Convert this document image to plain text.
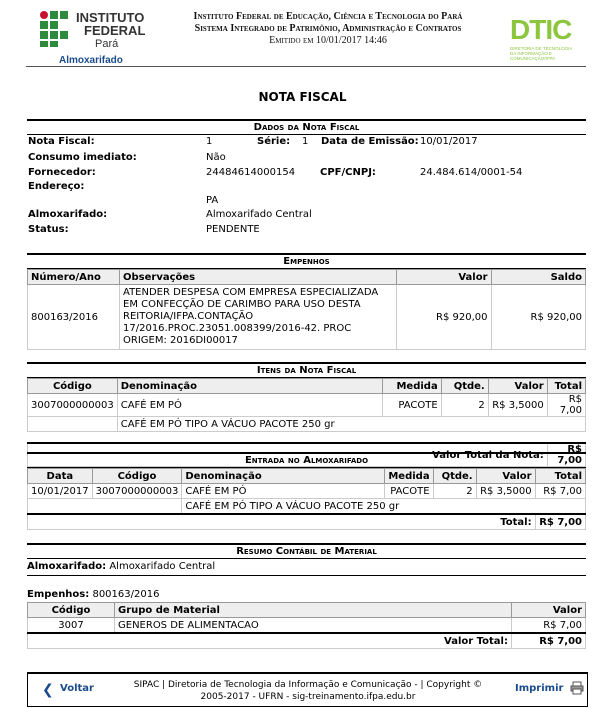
INSTITUTO
FEDERAL
Pará
Almoxarifado
Instituto Federal de Educação, Ciência e Tecnologia do Pará
Sistema Integrado de Patrimônio, Administração e Contratos
Emitido em 10/01/2017 14:46	DTIC
DIRETORIA DE TECNOLOGIA DA INFORMAÇÃO E COMUNICAÇÃO/IFPA
NOTA FISCAL
Dados da Nota Fiscal
Nota Fiscal:	1	Série: 1 Data de Emissão: 10/01/2017
Consumo imediato:	Não
Fornecedor:	24484614000154 CPF/CNPJ:	24.484.614/0001-54
Endereço:
PA
Almoxarifado:	Almoxarifado Central
Status:	PENDENTE
Empenhos
Número/Ano	Observações	Valor	Saldo
800163/2016	ATENDER DESPESA COM EMPRESA ESPECIALIZADA
EM CONFECÇÃO DE CARIMBO PARA USO DESTA
REITORIA/IFPA.CONTAÇÃO
17/2016.PROC.23051.008399/2016-42. PROC
ORIGEM: 2016DI00017	R$ 920,00	R$ 920,00
Itens da Nota Fiscal
Código	Denominação	Medida	Qtde.	Valor	Total
3007000000003	CAFÉ EM PÓ	PACOTE	2	R$ 3,5000	R$ 7,00
	CAFÉ EM PÓ TIPO A VÁCUO PACOTE 250 gr				

Valor Total da Nota:					R$ 7,00
Entrada no Almoxarifado
Data	Código	Denominação	Medida	Qtde.	Valor	Total
10/01/2017	3007000000003	CAFÉ EM PÓ	PACOTE	2	R$ 3,5000	R$ 7,00
		CAFÉ EM PÓ TIPO A VÁCUO PACOTE 250 gr				
Total:						R$ 7,00
Resumo Contábil de Material
Almoxarifado: Almoxarifado Central
Empenhos: 800163/2016
Código	Grupo de Material	Valor
3007	GENEROS DE ALIMENTACAO	R$ 7,00
Valor Total:		R$ 7,00
❮ Voltar	SIPAC | Diretoria de Tecnologia da Informação e Comunicação - | Copyright ©
2005-2017 - UFRN - sig-treinamento.ifpa.edu.br
Imprimir
